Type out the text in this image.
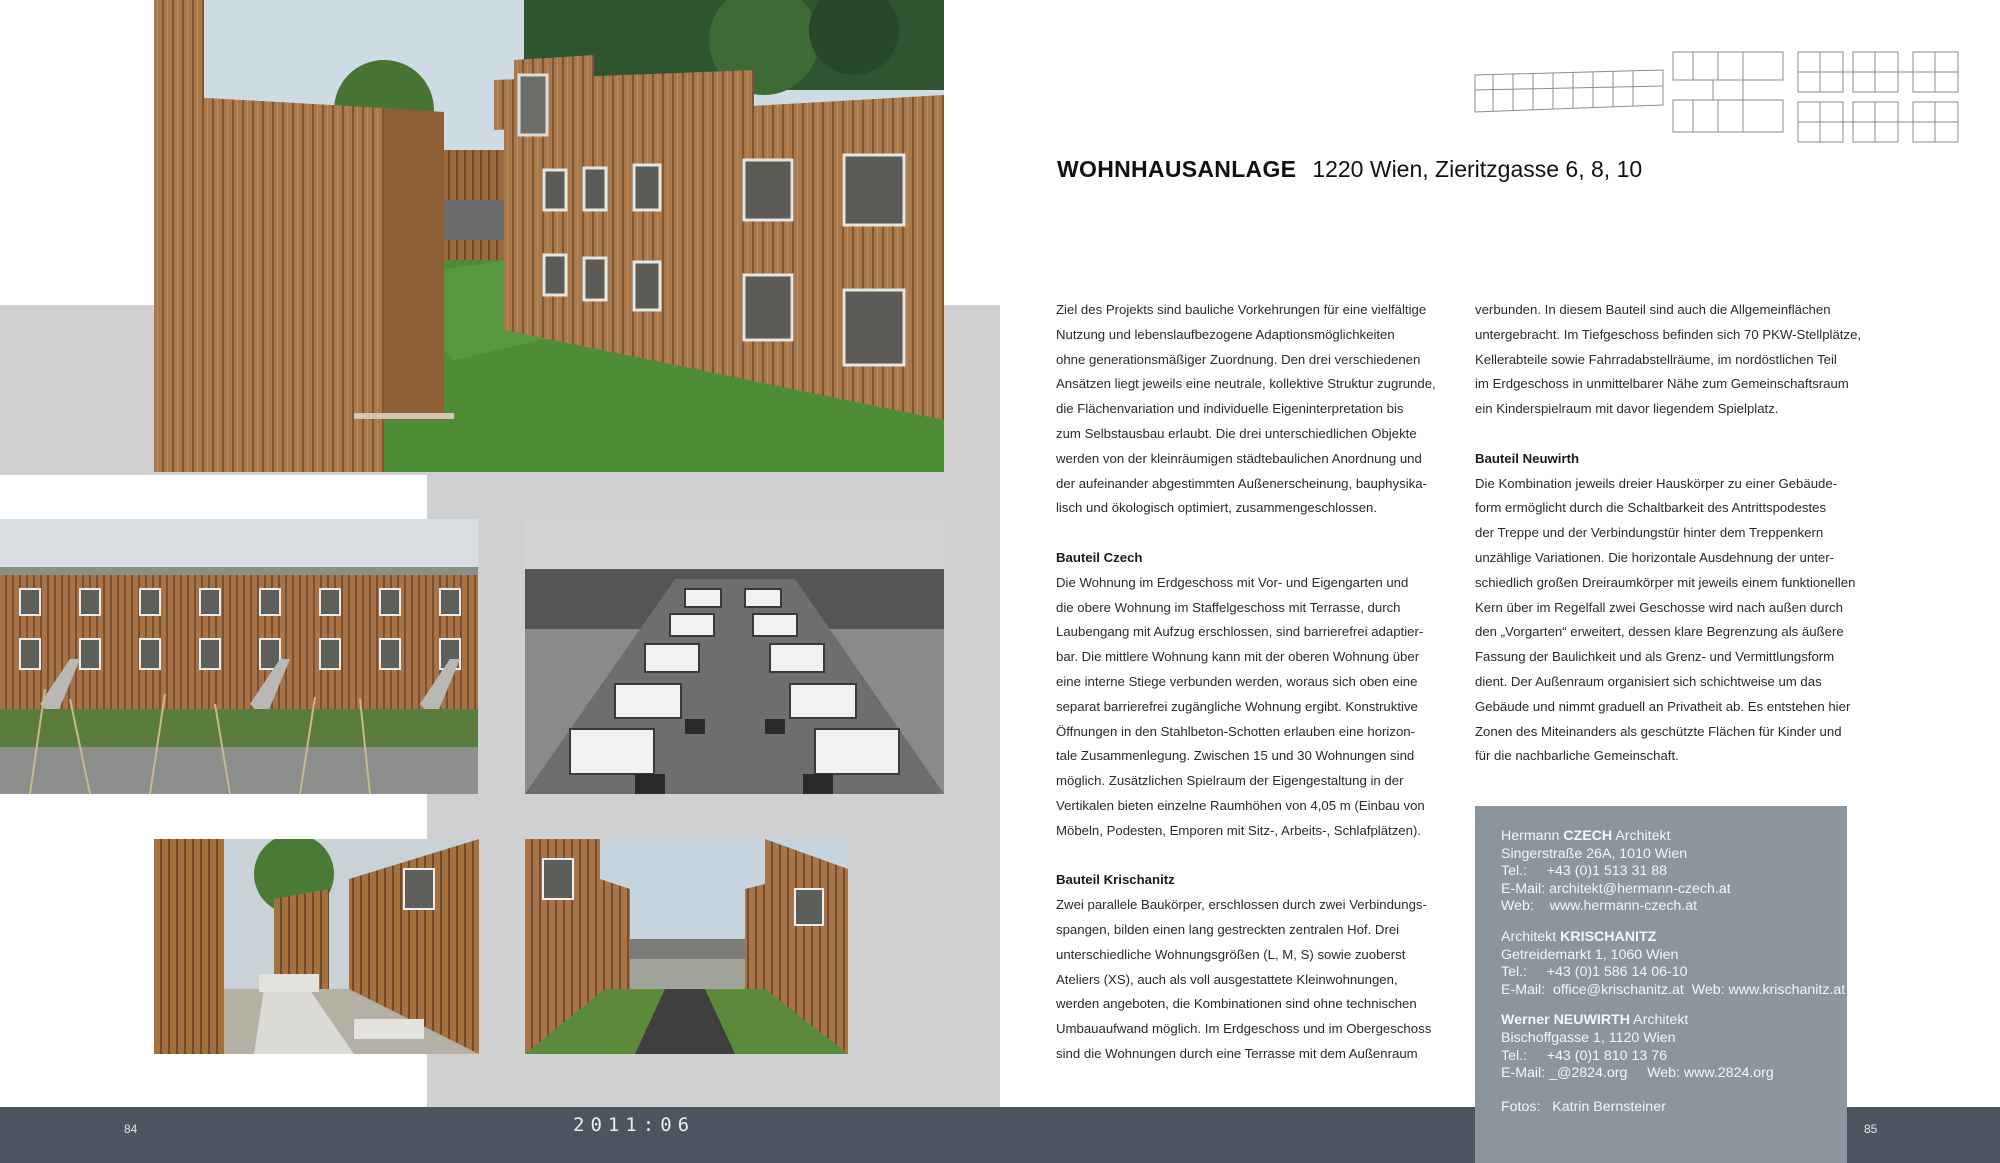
WOHNHAUSANLAGE 1220 Wien, Zieritzgasse 6, 8, 10

Ziel des Projekts sind bauliche Vorkehrungen für eine vielfältige

Nutzung und lebenslaufbezogene Adaptionsmöglichkeiten

ohne generationsmäßiger Zuordnung. Den drei verschiedenen

Ansätzen liegt jeweils eine neutrale, kollektive Struktur zugrunde,

die Flächenvariation und individuelle Eigeninterpretation bis

zum Selbstausbau erlaubt. Die drei unterschiedlichen Objekte

werden von der kleinräumigen städtebaulichen Anordnung und

der aufeinander abgestimmten Außenerscheinung, bauphysika-

lisch und ökologisch optimiert, zusammengeschlossen.

Bauteil Czech

Die Wohnung im Erdgeschoss mit Vor- und Eigengarten und

die obere Wohnung im Staffelgeschoss mit Terrasse, durch

Laubengang mit Aufzug erschlossen, sind barrierefrei adaptier-

bar. Die mittlere Wohnung kann mit der oberen Wohnung über

eine interne Stiege verbunden werden, woraus sich oben eine

separat barrierefrei zugängliche Wohnung ergibt. Konstruktive

Öffnungen in den Stahlbeton-Schotten erlauben eine horizon-

tale Zusammenlegung. Zwischen 15 und 30 Wohnungen sind

möglich. Zusätzlichen Spielraum der Eigengestaltung in der

Vertikalen bieten einzelne Raumhöhen von 4,05 m (Einbau von

Möbeln, Podesten, Emporen mit Sitz-, Arbeits-, Schlafplätzen).

Bauteil Krischanitz

Zwei parallele Baukörper, erschlossen durch zwei Verbindungs-

spangen, bilden einen lang gestreckten zentralen Hof. Drei

unterschiedliche Wohnungsgrößen (L, M, S) sowie zuoberst

Ateliers (XS), auch als voll ausgestattete Kleinwohnungen,

werden angeboten, die Kombinationen sind ohne technischen

Umbauaufwand möglich. Im Erdgeschoss und im Obergeschoss

sind die Wohnungen durch eine Terrasse mit dem Außenraum

verbunden. In diesem Bauteil sind auch die Allgemeinflächen

untergebracht. Im Tiefgeschoss befinden sich 70 PKW-Stellplätze,

Kellerabteile sowie Fahrradabstellräume, im nordöstlichen Teil

im Erdgeschoss in unmittelbarer Nähe zum Gemeinschaftsraum

ein Kinderspielraum mit davor liegendem Spielplatz.

Bauteil Neuwirth

Die Kombination jeweils dreier Hauskörper zu einer Gebäude-

form ermöglicht durch die Schaltbarkeit des Antrittspodestes

der Treppe und der Verbindungstür hinter dem Treppenkern

unzählige Variationen. Die horizontale Ausdehnung der unter-

schiedlich großen Dreiraumkörper mit jeweils einem funktionellen

Kern über im Regelfall zwei Geschosse wird nach außen durch

den „Vorgarten“ erweitert, dessen klare Begrenzung als äußere

Fassung der Baulichkeit und als Grenz- und Vermittlungsform

dient. Der Außenraum organisiert sich schichtweise um das

Gebäude und nimmt graduell an Privatheit ab. Es entstehen hier

Zonen des Miteinanders als geschützte Flächen für Kinder und

für die nachbarliche Gemeinschaft.

84	2011:06	85
Hermann CZECH Architekt
Singerstraße 26A, 1010 Wien
Tel.:     +43 (0)1 513 31 88
E-Mail: architekt@hermann-czech.at
Web:    www.hermann-czech.at
Architekt KRISCHANITZ
Getreidemarkt 1, 1060 Wien
Tel.:     +43 (0)1 586 14 06-10
E-Mail:  office@krischanitz.at  Web: www.krischanitz.at
Werner NEUWIRTH Architekt
Bischoffgasse 1, 1120 Wien
Tel.:     +43 (0)1 810 13 76
E-Mail: _@2824.org     Web: www.2824.org
Fotos:   Katrin Bernsteiner
